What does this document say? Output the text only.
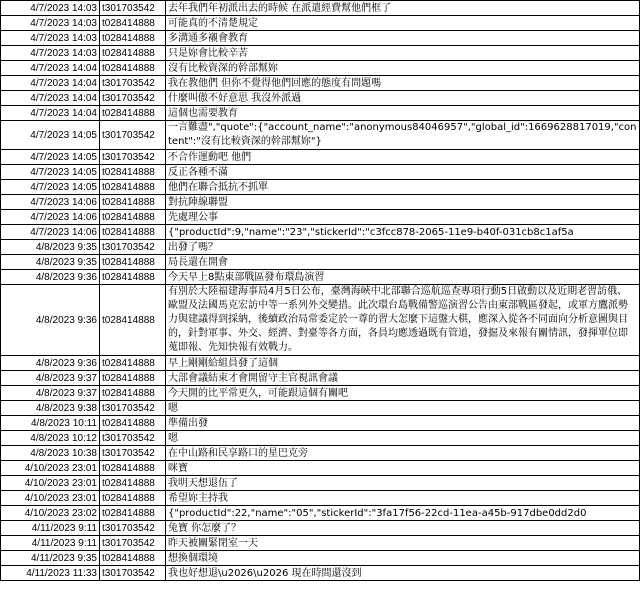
4/7/2023 14:03	t301703542	去年我們年初派出去的時候 在派遣經費幫他們框了
4/7/2023 14:03	t028414888	可能真的不清楚規定
4/7/2023 14:03	t028414888	多溝通多襯會教育
4/7/2023 14:03	t028414888	只是妳會比較辛苦
4/7/2023 14:04	t028414888	沒有比較資深的幹部幫妳
4/7/2023 14:04	t301703542	我在教他們 但你不覺得他們回應的態度有問題嗎
4/7/2023 14:04	t301703542	什麼叫傲不好意思 我沒外派過
4/7/2023 14:04	t028414888	這個也需要教育
4/7/2023 14:05	t301703542	一言難盡","quote":{"account_name":"anonymous84046957","global_id":1669628817019,"content":"沒有比較資深的幹部幫妳"}
4/7/2023 14:05	t301703542	不合作運動吧 他們
4/7/2023 14:05	t028414888	反正各種不滿
4/7/2023 14:05	t028414888	他們在聯合抵抗不抓單
4/7/2023 14:06	t028414888	對抗陣線聯盟
4/7/2023 14:06	t028414888	先處理公事
4/7/2023 14:06	t028414888	{"productId":9,"name":"23","stickerId":"c3fcc878-2065-11e9-b40f-031cb8c1af5a
4/8/2023 9:35	t301703542	出發了嗎？
4/8/2023 9:35	t028414888	局長還在開會
4/8/2023 9:36	t028414888	今天早上8點東部戰區發布環島演習
4/8/2023 9:36	t028414888	有別於大陸福建海事局4月5日公布，臺灣海峽中北部聯合巡航巡查專項行動5日啟動以及近期老習訪俄、歐盟及法國馬克宏訪中等一系列外交變措。此次環台島戰備警巡演習公告由東部戰區發起，或軍方鷹派勢力與建議得到採納，後續政治局常委定於一尊的習大怎麼下這盤大棋，應深入從各不同面向分析意圖與目的，針對軍事、外交、經濟、對臺等各方面，各員均應透過既有管道，發掘及來報有關情訊，發揮單位即蒐即報、先知快報有效戰力。
4/8/2023 9:36	t028414888	早上剛剛給組員發了這個
4/8/2023 9:37	t028414888	大部會議結束才會開留守主官視訊會議
4/8/2023 9:37	t028414888	今天開的比平常更久，可能跟這個有關吧
4/8/2023 9:38	t301703542	嗯
4/8/2023 10:11	t028414888	準備出發
4/8/2023 10:12	t301703542	嗯
4/8/2023 10:38	t301703542	在中山路和民享路口的星巴克旁
4/10/2023 23:01	t028414888	咪寶
4/10/2023 23:01	t028414888	我明天想退伍了
4/10/2023 23:01	t028414888	希望妳主持我
4/10/2023 23:02	t028414888	{"productId":22,"name":"05","stickerId":"3fa17f56-22cd-11ea-a45b-917dbe0dd2d0
4/11/2023 9:11	t301703542	兔寶 你怎麼了？
4/11/2023 9:11	t301703542	昨天被關緊閉室一天
4/11/2023 9:35	t028414888	想換個環境
4/11/2023 11:33	t301703542	我也好想退\u2026\u2026 現在時間還沒到
